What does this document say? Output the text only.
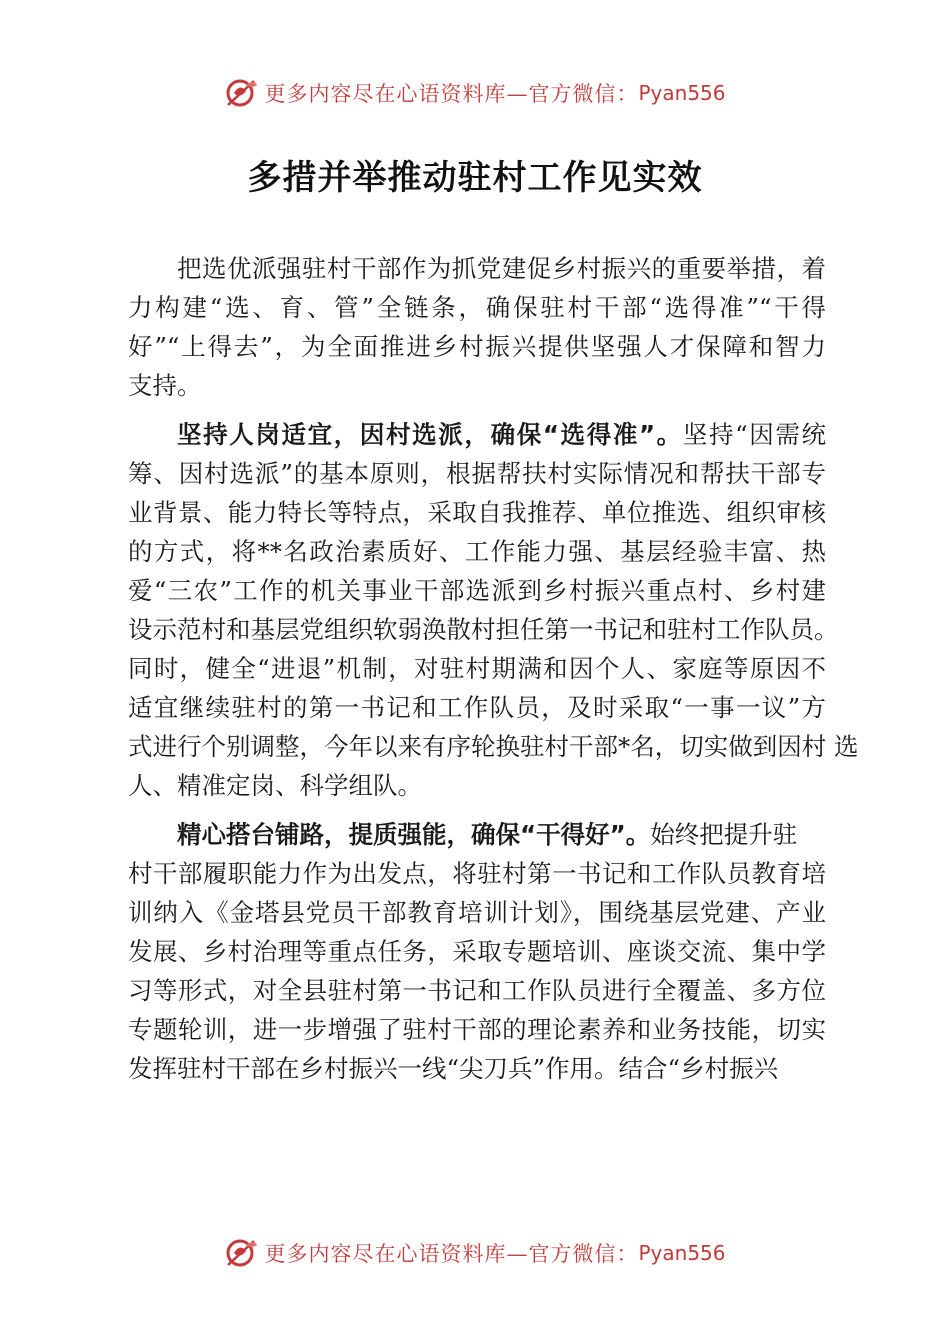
更多内容尽在心语资料库—官方微信： Pyan556
多措并举推动驻村工作见实效
把选优派强驻村干部作为抓党建促乡村振兴的重要举措，着
力构建“选、育、管”全链条，确保驻村干部“选得准”“干得
好”“上得去”，为全面推进乡村振兴提供坚强人才保障和智力
支持。
坚持人岗适宜，因村选派，确保“选得准”。坚持“因需统
筹、因村选派”的基本原则，根据帮扶村实际情况和帮扶干部专
业背景、能力特长等特点，采取自我推荐、单位推选、组织审核
的方式，将**名政治素质好、工作能力强、基层经验丰富、热
爱“三农”工作的机关事业干部选派到乡村振兴重点村、乡村建
设示范村和基层党组织软弱涣散村担任第一书记和驻村工作队员。
同时，健全“进退”机制，对驻村期满和因个人、家庭等原因不
适宜继续驻村的第一书记和工作队员，及时采取“一事一议”方
式进行个别调整，今年以来有序轮换驻村干部*名，切实做到因村 选
人、精准定岗、科学组队。
精心搭台铺路，提质强能，确保“干得好”。始终把提升驻
村干部履职能力作为出发点，将驻村第一书记和工作队员教育培
训纳入《金塔县党员干部教育培训计划》，围绕基层党建、产业
发展、乡村治理等重点任务，采取专题培训、座谈交流、集中学
习等形式，对全县驻村第一书记和工作队员进行全覆盖、多方位
专题轮训，进一步增强了驻村干部的理论素养和业务技能，切实
发挥驻村干部在乡村振兴一线“尖刀兵”作用。结合“乡村振兴
更多内容尽在心语资料库—官方微信： Pyan556
